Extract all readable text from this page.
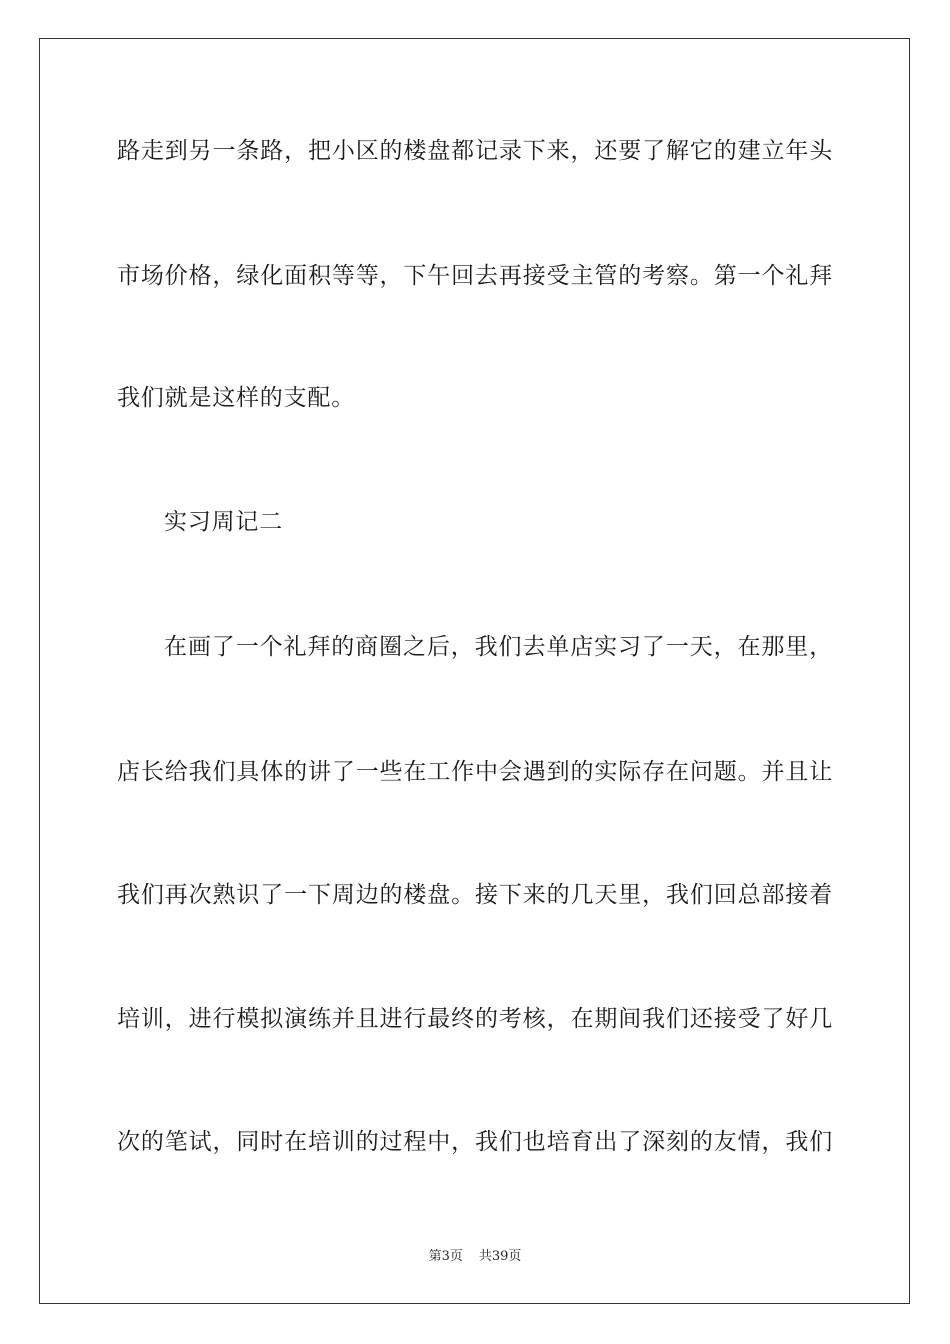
路走到另一条路，把小区的楼盘都记录下来，还要了解它的建立年头
市场价格，绿化面积等等，下午回去再接受主管的考察。第一个礼拜
我们就是这样的支配。
实习周记二
在画了一个礼拜的商圈之后，我们去单店实习了一天，在那里，
店长给我们具体的讲了一些在工作中会遇到的实际存在问题。并且让
我们再次熟识了一下周边的楼盘。接下来的几天里，我们回总部接着
培训，进行模拟演练并且进行最终的考核，在期间我们还接受了好几
次的笔试，同时在培训的过程中，我们也培育出了深刻的友情，我们
第3页 共39页
